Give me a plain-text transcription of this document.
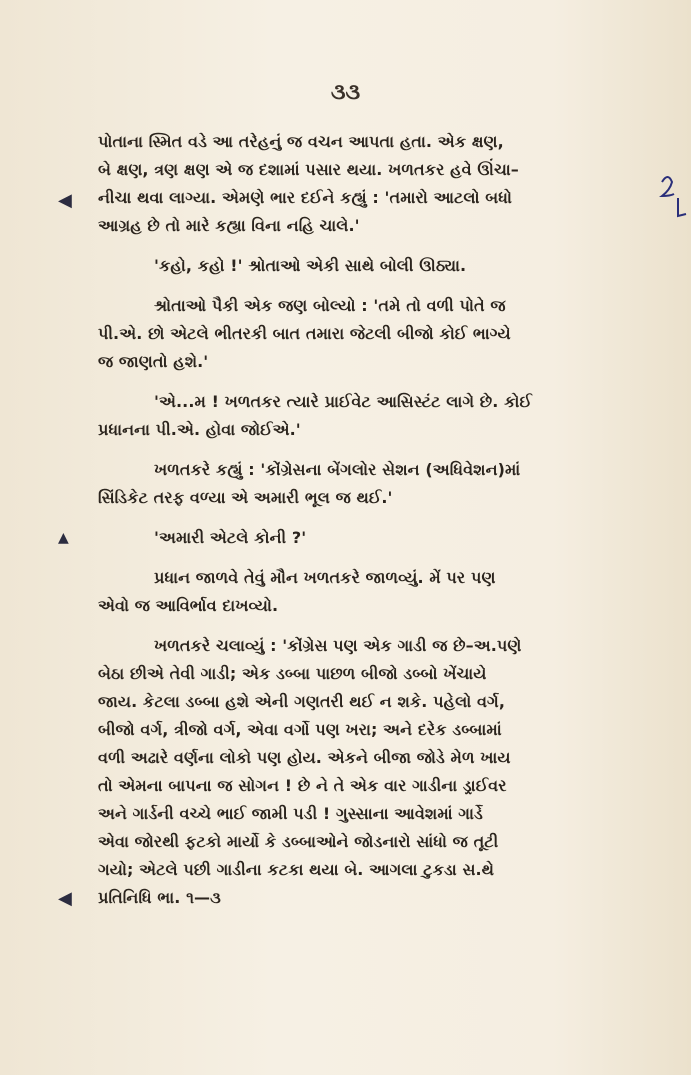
૩૩
◀
▲
◀
પોતાના સ્મિત વડે આ તરેહનું જ વચન આપતા હતા. એક ક્ષણ,
બે ક્ષણ, ત્રણ ક્ષણ એ જ દશામાં પસાર થયા. ખળતકર હવે ઊંચા–
નીચા થવા લાગ્યા. એમણે ભાર દઈને કહ્યું : 'તમારો આટલો બધો
આગ્રહ છે તો મારે કહ્યા વિના નહિ ચાલે.'
'કહો, કહો !' શ્રોતાઓ એકી સાથે બોલી ઊઠ્યા.
શ્રોતાઓ પૈકી એક જણ બોલ્યો : 'તમે તો વળી પોતે જ
પી.એ. છો એટલે ભીતરકી બાત તમારા જેટલી બીજો કોઈ ભાગ્યે
જ જાણતો હશે.'
'એ...મ ! ખળતકર ત્યારે પ્રાઈવેટ આસિસ્ટંટ લાગે છે. કોઈ
પ્રધાનના પી.એ. હોવા જોઈએ.'
ખળતકરે કહ્યું : 'કોંગ્રેસના બેંગલોર સેશન (અધિવેશન)માં
સિંડિકેટ તરફ વળ્યા એ અમારી ભૂલ જ થઈ.'
'અમારી એટલે કોની ?'
પ્રધાન જાળવે તેવું મૌન ખળતકરે જાળવ્યું. મેં પર પણ
એવો જ આવિર્ભાવ દાખવ્યો.
ખળતકરે ચલાવ્યું : 'કોંગ્રેસ પણ એક ગાડી જ છે–અ.પણે
બેઠા છીએ તેવી ગાડી; એક ડબ્બા પાછળ બીજો ડબ્બો ખેંચાયે
જાય. કેટલા ડબ્બા હશે એની ગણતરી થઈ ન શકે. પહેલો વર્ગ,
બીજો વર્ગ, ત્રીજો વર્ગ, એવા વર્ગો પણ ખરા; અને દરેક ડબ્બામાં
વળી અઢારે વર્ણના લોકો પણ હોય. એકને બીજા જોડે મેળ ખાય
તો એમના બાપના જ સોગન ! છે ને તે એક વાર ગાડીના ડ્રાઈવર
અને ગાર્ડની વચ્ચે ભાઈ જામી પડી ! ગુસ્સાના આવેશમાં ગાર્ડે
એવા જોરથી ફટકો માર્યો કે ડબ્બાઓને જોડનારો સાંધો જ તૂટી
ગયો; એટલે પછી ગાડીના કટકા થયા બે. આગલા ટુકડા સ.થે
પ્રતિનિધિ ભા. ૧—૩
